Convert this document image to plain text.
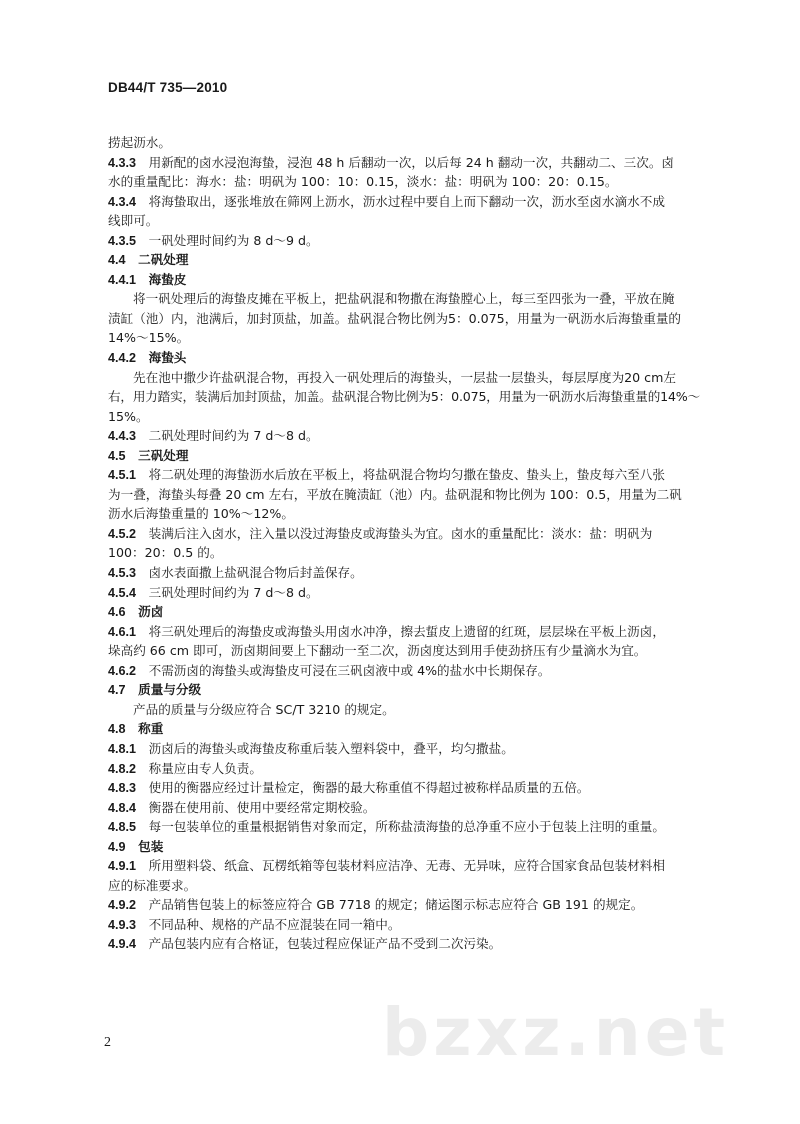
DB44/T 735—2010
捞起沥水。
4.3.3  用新配的卤水浸泡海蛰，浸泡 48 h 后翻动一次，以后每 24 h 翻动一次，共翻动二、三次。卤
水的重量配比：海水：盐：明矾为 100：10：0.15，淡水：盐：明矾为 100：20：0.15。
4.3.4  将海蛰取出，逐张堆放在筛网上沥水，沥水过程中要自上而下翻动一次，沥水至卤水滴水不成
线即可。
4.3.5  一矾处理时间约为 8 d～9 d。
4.4  二矾处理
4.4.1  海蛰皮
将一矾处理后的海蛰皮摊在平板上，把盐矾混和物撒在海蛰膛心上，每三至四张为一叠，平放在腌
渍缸（池）内，池满后，加封顶盐，加盖。盐矾混合物比例为5：0.075，用量为一矾沥水后海蛰重量的
14%～15%。
4.4.2  海蛰头
先在池中撒少许盐矾混合物，再投入一矾处理后的海蛰头，一层盐一层蛰头，每层厚度为20 cm左
右，用力踏实，装满后加封顶盐，加盖。盐矾混合物比例为5：0.075，用量为一矾沥水后海蛰重量的14%～
15%。
4.4.3  二矾处理时间约为 7 d～8 d。
4.5  三矾处理
4.5.1  将二矾处理的海蛰沥水后放在平板上，将盐矾混合物均匀撒在蛰皮、蛰头上，蛰皮每六至八张
为一叠，海蛰头每叠 20 cm 左右，平放在腌渍缸（池）内。盐矾混和物比例为 100：0.5，用量为二矾
沥水后海蛰重量的 10%～12%。
4.5.2  装满后注入卤水，注入量以没过海蛰皮或海蛰头为宜。卤水的重量配比：淡水：盐：明矾为
100：20：0.5 的。
4.5.3  卤水表面撒上盐矾混合物后封盖保存。
4.5.4  三矾处理时间约为 7 d～8 d。
4.6  沥卤
4.6.1  将三矾处理后的海蛰皮或海蛰头用卤水冲净，擦去蜇皮上遗留的红斑，层层垛在平板上沥卤，
垛高约 66 cm 即可，沥卤期间要上下翻动一至二次，沥卤度达到用手使劲挤压有少量滴水为宜。
4.6.2  不需沥卤的海蛰头或海蛰皮可浸在三矾卤液中或 4%的盐水中长期保存。
4.7  质量与分级
产品的质量与分级应符合 SC/T 3210 的规定。
4.8  称重
4.8.1  沥卤后的海蛰头或海蛰皮称重后装入塑料袋中，叠平，均匀撒盐。
4.8.2  称量应由专人负责。
4.8.3  使用的衡器应经过计量检定，衡器的最大称重值不得超过被称样品质量的五倍。
4.8.4  衡器在使用前、使用中要经常定期校验。
4.8.5  每一包装单位的重量根据销售对象而定，所称盐渍海蛰的总净重不应小于包装上注明的重量。
4.9  包装
4.9.1  所用塑料袋、纸盒、瓦楞纸箱等包装材料应洁净、无毒、无异味，应符合国家食品包装材料相
应的标准要求。
4.9.2  产品销售包装上的标签应符合 GB 7718 的规定；储运图示标志应符合 GB 191 的规定。
4.9.3  不同品种、规格的产品不应混装在同一箱中。
4.9.4  产品包装内应有合格证，包装过程应保证产品不受到二次污染。
bzxz.net
2
